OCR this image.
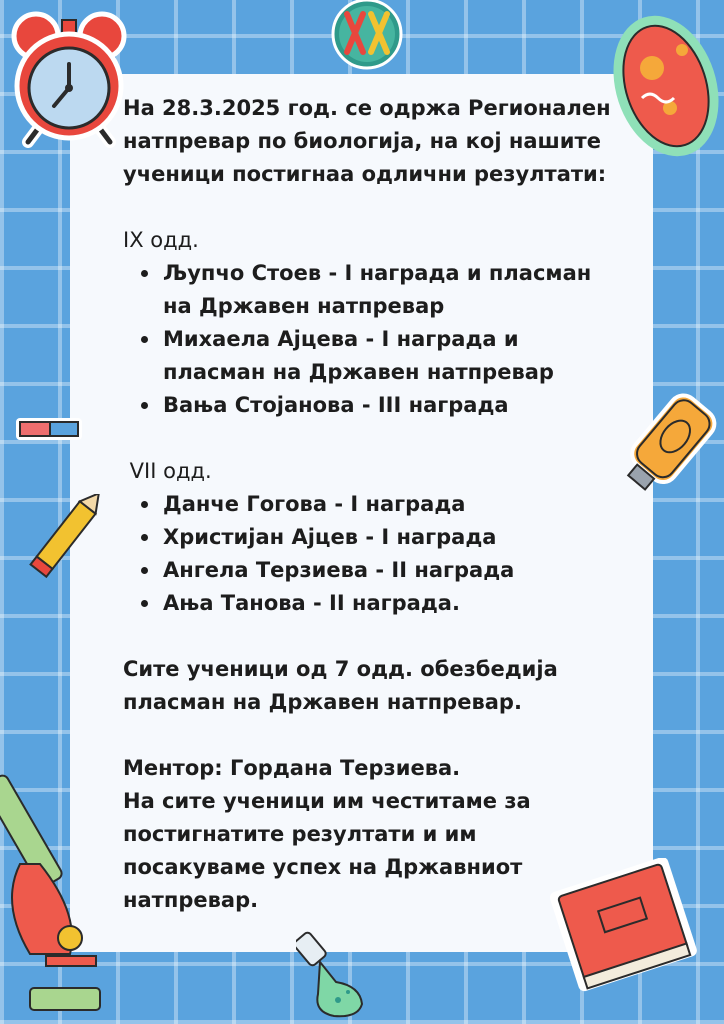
На 28.3.2025 год. се одржа Регионален натпревар по биологија, на кој нашите ученици постигнаа одлични резултати:

IX одд.

Љупчо Стоев - I награда и пласман на Државен натпревар
Михаела Ајцева - I награда и пласман на Државен натпревар
Вања Стојанова - III награда

VII одд.

Данче Гогова - I награда
Христијан Ајцев - I награда
Ангела Терзиева - II награда
Ања Танова - II награда.

Сите ученици од 7 одд. обезбедија пласман на Државен натпревар.

Ментор: Гордана Терзиева.

На сите ученици им честитаме за постигнатите резултати и им посакуваме успех на Државниот натпревар.
